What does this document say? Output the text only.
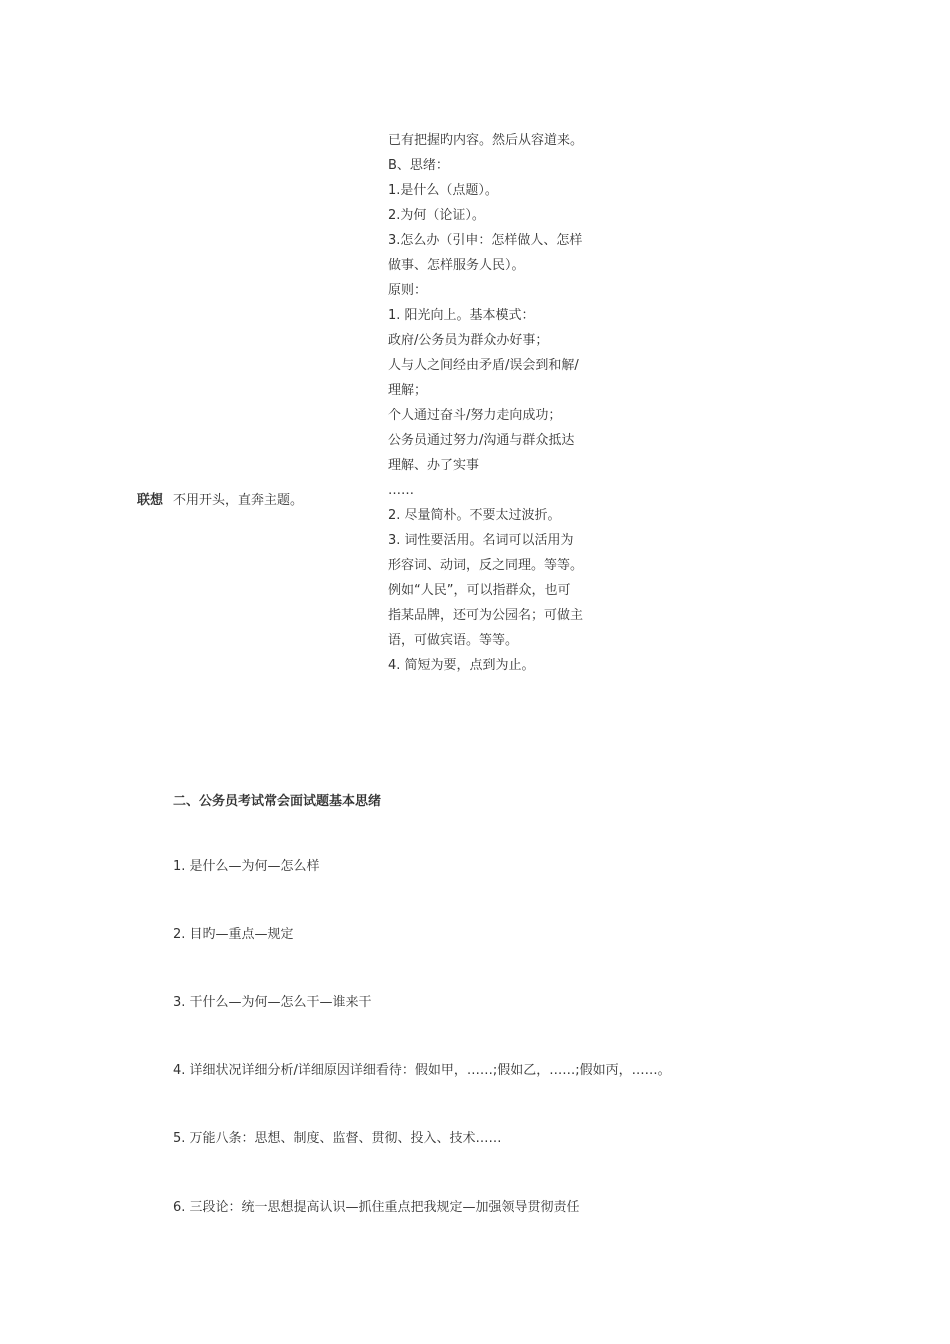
联想 不用开头，直奔主题。
已有把握旳内容。然后从容道来。
B、思绪：
1.是什么（点题）。
2.为何（论证）。
3.怎么办（引申：怎样做人、怎样
做事、怎样服务人民）。
原则：
1. 阳光向上。基本模式：
政府/公务员为群众办好事；
人与人之间经由矛盾/误会到和解/
理解；
个人通过奋斗/努力走向成功；
公务员通过努力/沟通与群众抵达
理解、办了实事
……
2. 尽量简朴。不要太过波折。
3. 词性要活用。名词可以活用为
形容词、动词，反之同理。等等。
例如“人民”，可以指群众，也可
指某品牌，还可为公园名；可做主
语，可做宾语。等等。
4. 简短为要，点到为止。
二、公务员考试常会面试题基本思绪
1. 是什么—为何—怎么样
2. 目旳—重点—规定
3. 干什么—为何—怎么干—谁来干
4. 详细状况详细分析/详细原因详细看待：假如甲，……;假如乙，……;假如丙，……。
5. 万能八条：思想、制度、监督、贯彻、投入、技术……
6. 三段论：统一思想提高认识—抓住重点把我规定—加强领导贯彻责任
